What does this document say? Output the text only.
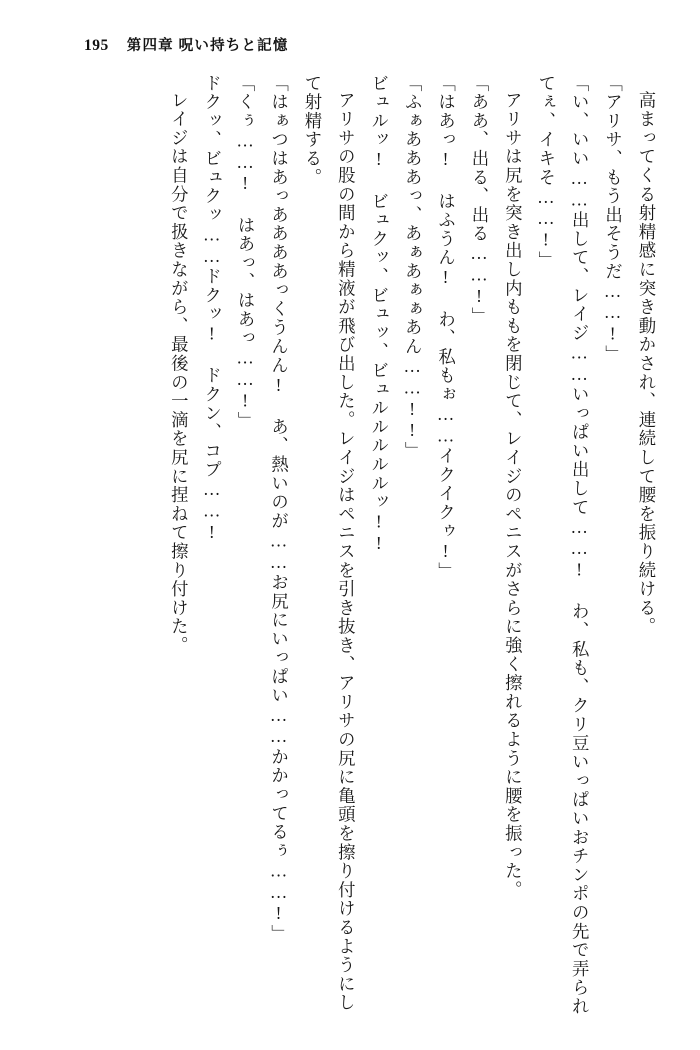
195 第四章 呪い持ちと記憶

高まってくる射精感に突き動かされ、連続して腰を振り続ける。

「アリサ、もう出そうだ……!」

「い、いい……出して、レイジ……いっぱい出して……! わ、私も、クリ豆いっぱいおチンポの先で弄られてぇ、イキそ……!」

アリサは尻を突き出し内ももを閉じて、レイジのペニスがさらに強く擦れるように腰を振った。

「ああ、出る、出る……!」

「はあっ! はふうん! わ、私もぉ……イクイクゥ!」

「ふぁあああっ、あぁあぁぁあん……!!」

ビュルッ! ビュクッ、ビュッ、ビュルルルルルッ!!

アリサの股の間から精液が飛び出した。レイジはペニスを引き抜き、アリサの尻に亀頭を擦り付けるようにして射精する。

「はぁつはあっああああっくうんん! あ、熱いのが……お尻にいっぱい……かかってるぅ……!」

「くぅ……! はあっ、はあっ……!」

ドクッ、ビュクッ……ドクッ! ドクン、コプ……!

レイジは自分で扱きながら、最後の一滴を尻に捏ねて擦り付けた。
